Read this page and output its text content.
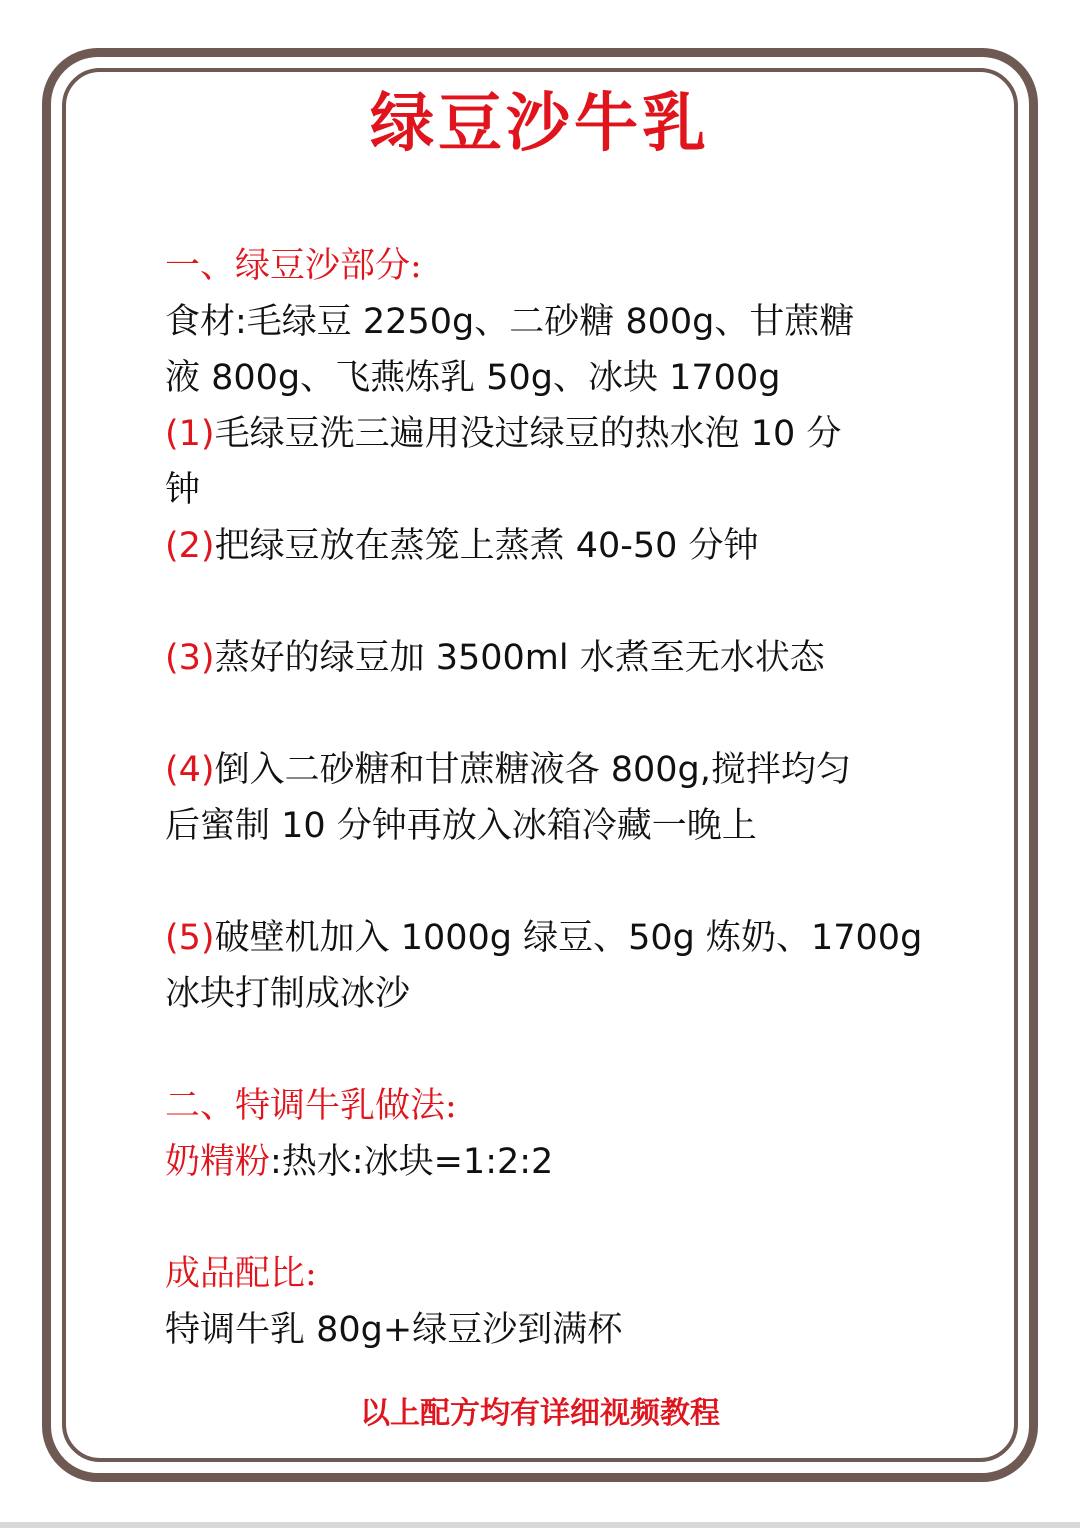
绿豆沙牛乳
一、绿豆沙部分:
食材:毛绿豆 2250g、二砂糖 800g、甘蔗糖
液 800g、飞燕炼乳 50g、冰块 1700g
(1)毛绿豆洗三遍用没过绿豆的热水泡 10 分
钟
(2)把绿豆放在蒸笼上蒸煮 40-50 分钟
(3)蒸好的绿豆加 3500ml 水煮至无水状态
(4)倒入二砂糖和甘蔗糖液各 800g,搅拌均匀
后蜜制 10 分钟再放入冰箱冷藏一晚上
(5)破壁机加入 1000g 绿豆、50g 炼奶、1700g
冰块打制成冰沙
二、特调牛乳做法:
奶精粉:热水:冰块=1:2:2
成品配比:
特调牛乳 80g+绿豆沙到满杯
以上配方均有详细视频教程
